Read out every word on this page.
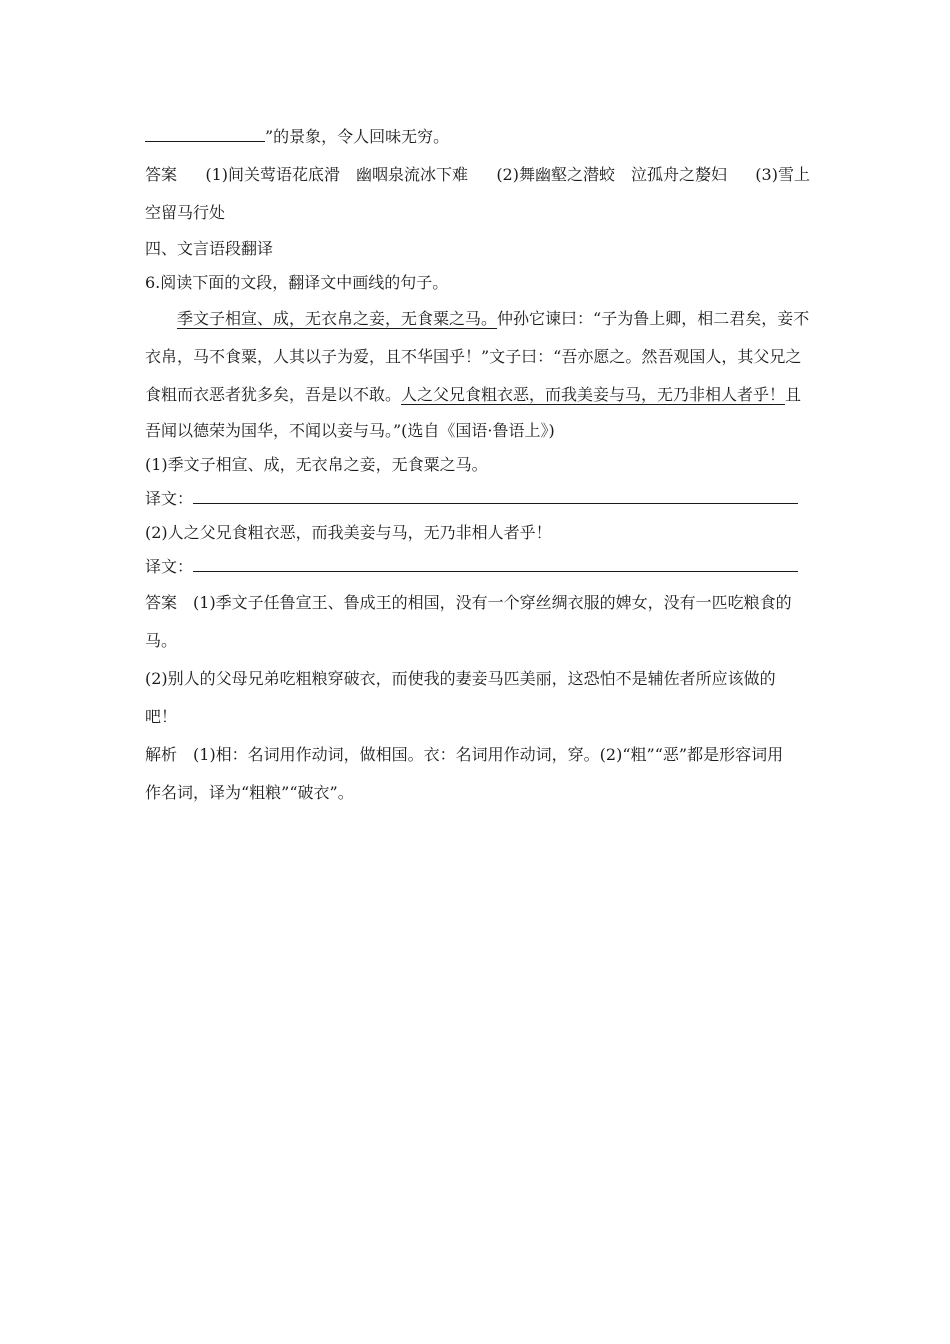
”的景象，令人回味无穷。
答案 (1)间关莺语花底滑　幽咽泉流冰下难 (2)舞幽壑之潜蛟　泣孤舟之嫠妇 (3)雪上
空留马行处
四、文言语段翻译
6.阅读下面的文段，翻译文中画线的句子。
季文子相宣、成，无衣帛之妾，无食粟之马。仲孙它谏曰：“子为鲁上卿，相二君矣，妾不
衣帛，马不食粟，人其以子为爱，且不华国乎！”文子曰：“吾亦愿之。然吾观国人，其父兄之
食粗而衣恶者犹多矣，吾是以不敢。人之父兄食粗衣恶，而我美妾与马，无乃非相人者乎！且
吾闻以德荣为国华，不闻以妾与马。”(选自《国语·鲁语上》)
(1)季文子相宣、成，无衣帛之妾，无食粟之马。
译文：
(2)人之父兄食粗衣恶，而我美妾与马，无乃非相人者乎！
译文：
答案 (1)季文子任鲁宣王、鲁成王的相国，没有一个穿丝绸衣服的婢女，没有一匹吃粮食的
马。
(2)别人的父母兄弟吃粗粮穿破衣，而使我的妻妾马匹美丽，这恐怕不是辅佐者所应该做的
吧！
解析 (1)相：名词用作动词，做相国。衣：名词用作动词，穿。(2)“粗”“恶”都是形容词用
作名词，译为“粗粮”“破衣”。
